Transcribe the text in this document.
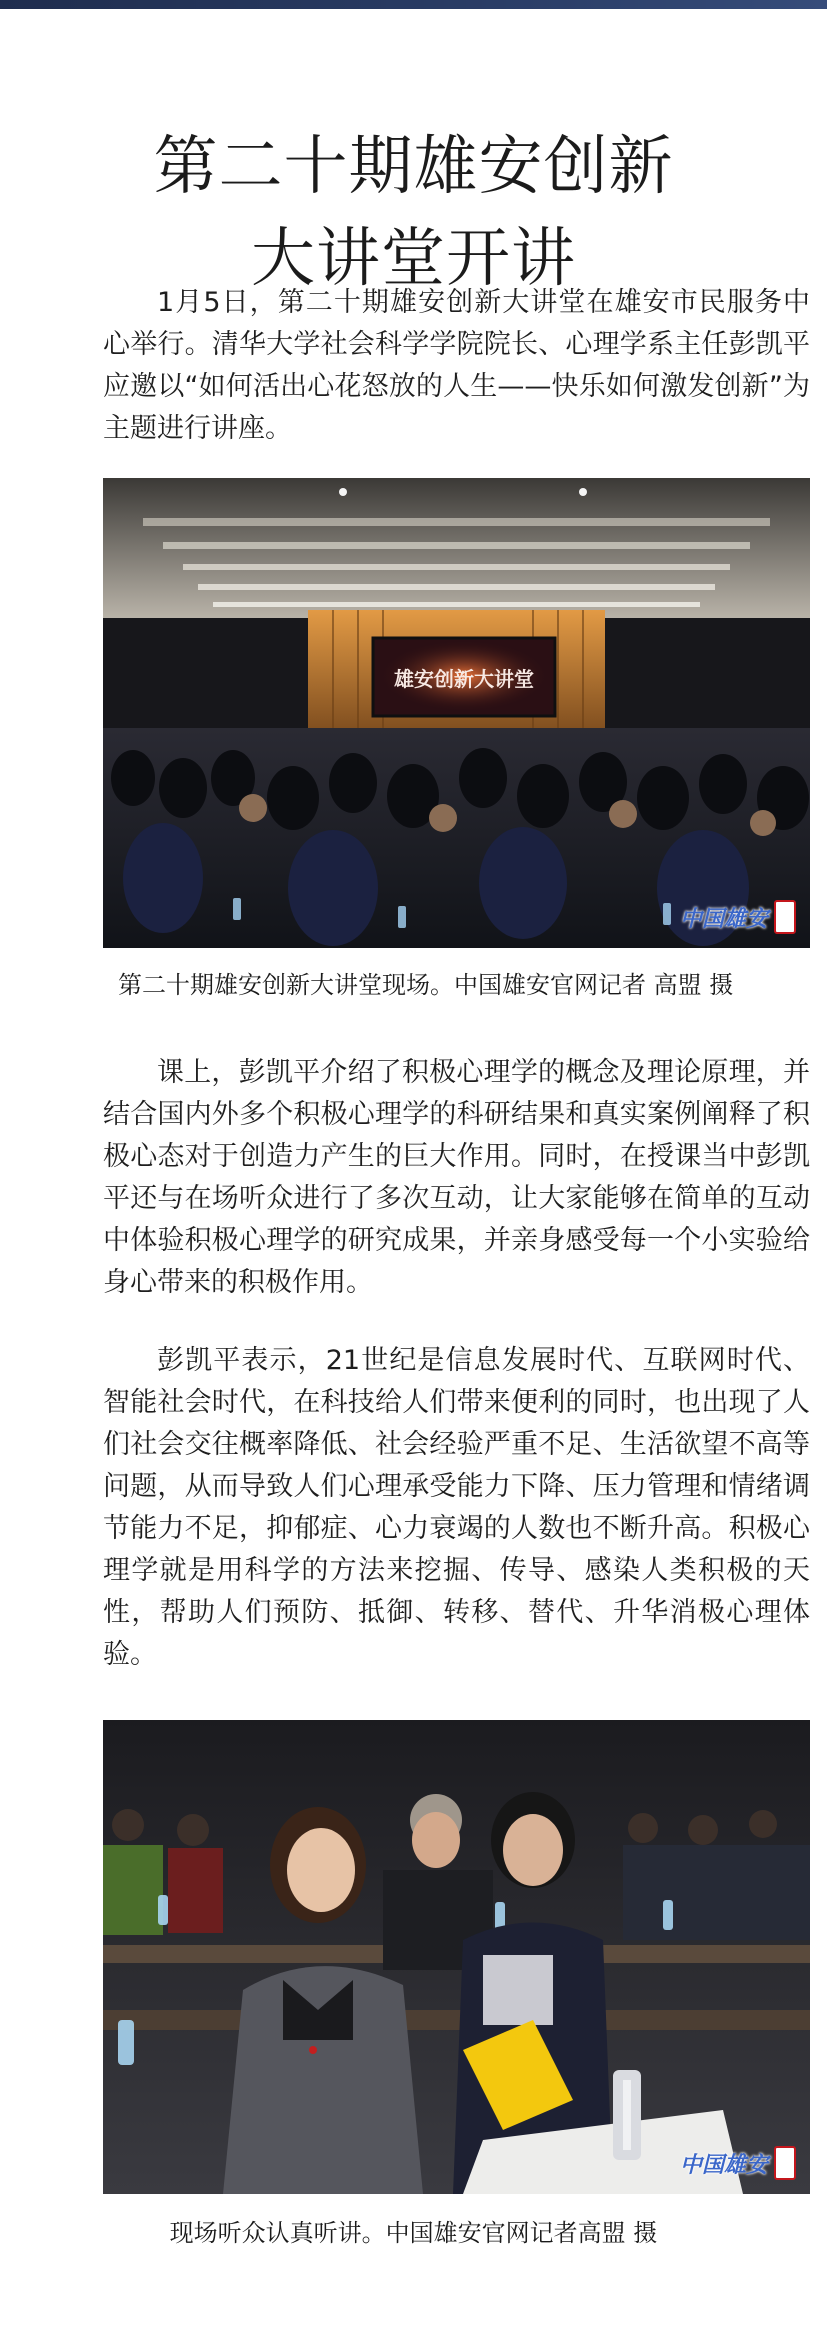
第二十期雄安创新
大讲堂开讲

1月5日，第二十期雄安创新大讲堂在雄安市民服务中心举行。清华大学社会科学学院院长、心理学系主任彭凯平应邀以“如何活出心花怒放的人生——快乐如何激发创新”为主题进行讲座。

雄安创新大讲堂
中国雄安
第二十期雄安创新大讲堂现场。中国雄安官网记者 高盟 摄

课上，彭凯平介绍了积极心理学的概念及理论原理，并结合国内外多个积极心理学的科研结果和真实案例阐释了积极心态对于创造力产生的巨大作用。同时，在授课当中彭凯平还与在场听众进行了多次互动，让大家能够在简单的互动中体验积极心理学的研究成果，并亲身感受每一个小实验给身心带来的积极作用。

彭凯平表示，21世纪是信息发展时代、互联网时代、智能社会时代，在科技给人们带来便利的同时，也出现了人们社会交往概率降低、社会经验严重不足、生活欲望不高等问题，从而导致人们心理承受能力下降、压力管理和情绪调节能力不足，抑郁症、心力衰竭的人数也不断升高。积极心理学就是用科学的方法来挖掘、传导、感染人类积极的天性，帮助人们预防、抵御、转移、替代、升华消极心理体验。

中国雄安
现场听众认真听讲。中国雄安官网记者高盟 摄
